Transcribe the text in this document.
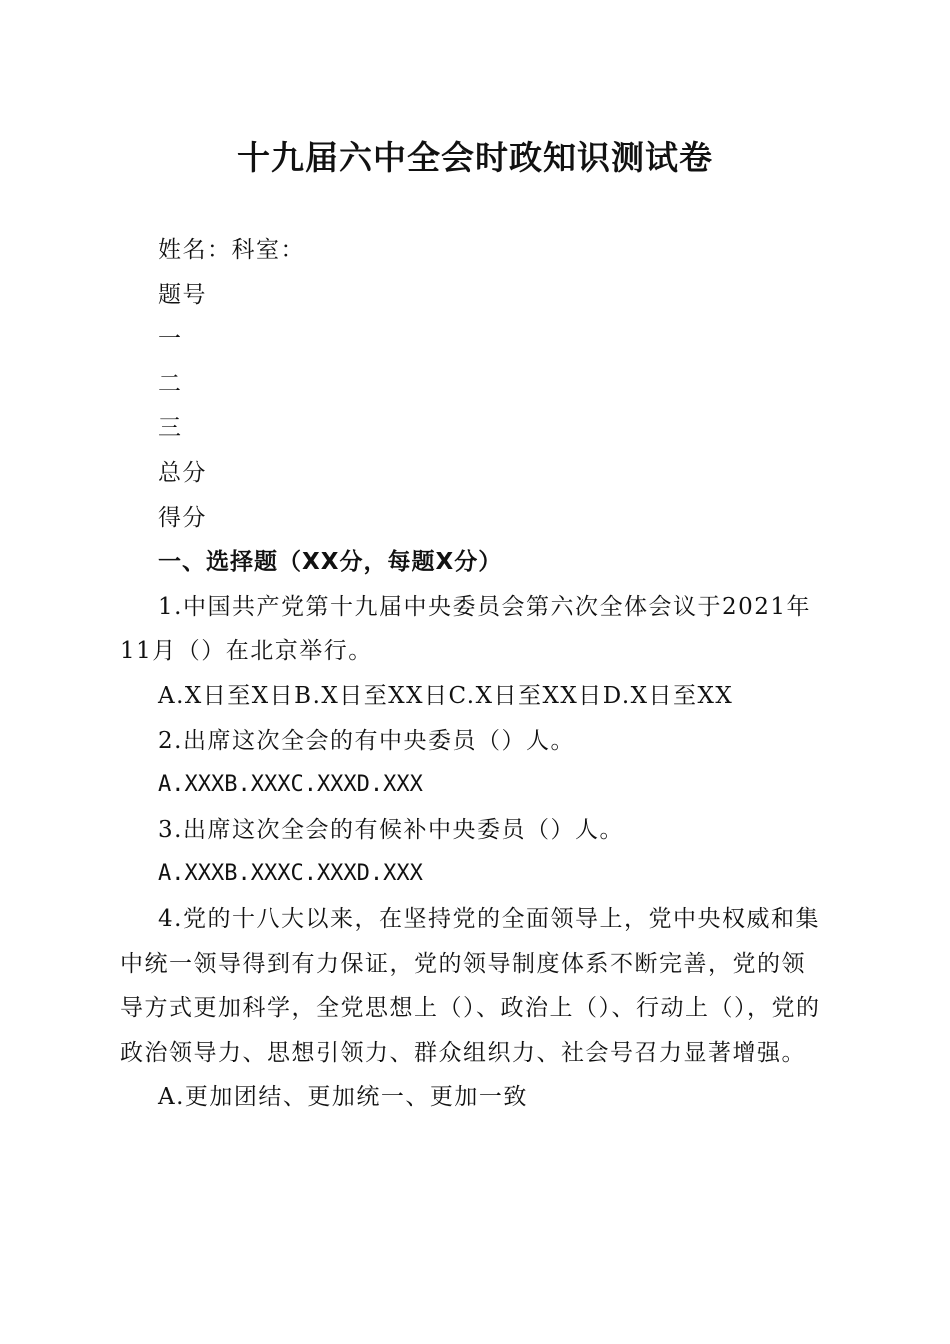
十九届六中全会时政知识测试卷

姓名：科室：

题号

一

二

三

总分

得分

一、选择题（XX分，每题X分）

1.中国共产党第十九届中央委员会第六次全体会议于2021年11月（）在北京举行。

A.X日至X日B.X日至XX日C.X日至XX日D.X日至XX

2.出席这次全会的有中央委员（）人。

A.XXXB.XXXC.XXXD.XXX

3.出席这次全会的有候补中央委员（）人。

A.XXXB.XXXC.XXXD.XXX

4.党的十八大以来，在坚持党的全面领导上，党中央权威和集中统一领导得到有力保证，党的领导制度体系不断完善，党的领导方式更加科学，全党思想上（）、政治上（）、行动上（），党的政治领导力、思想引领力、群众组织力、社会号召力显著增强。

A.更加团结、更加统一、更加一致
